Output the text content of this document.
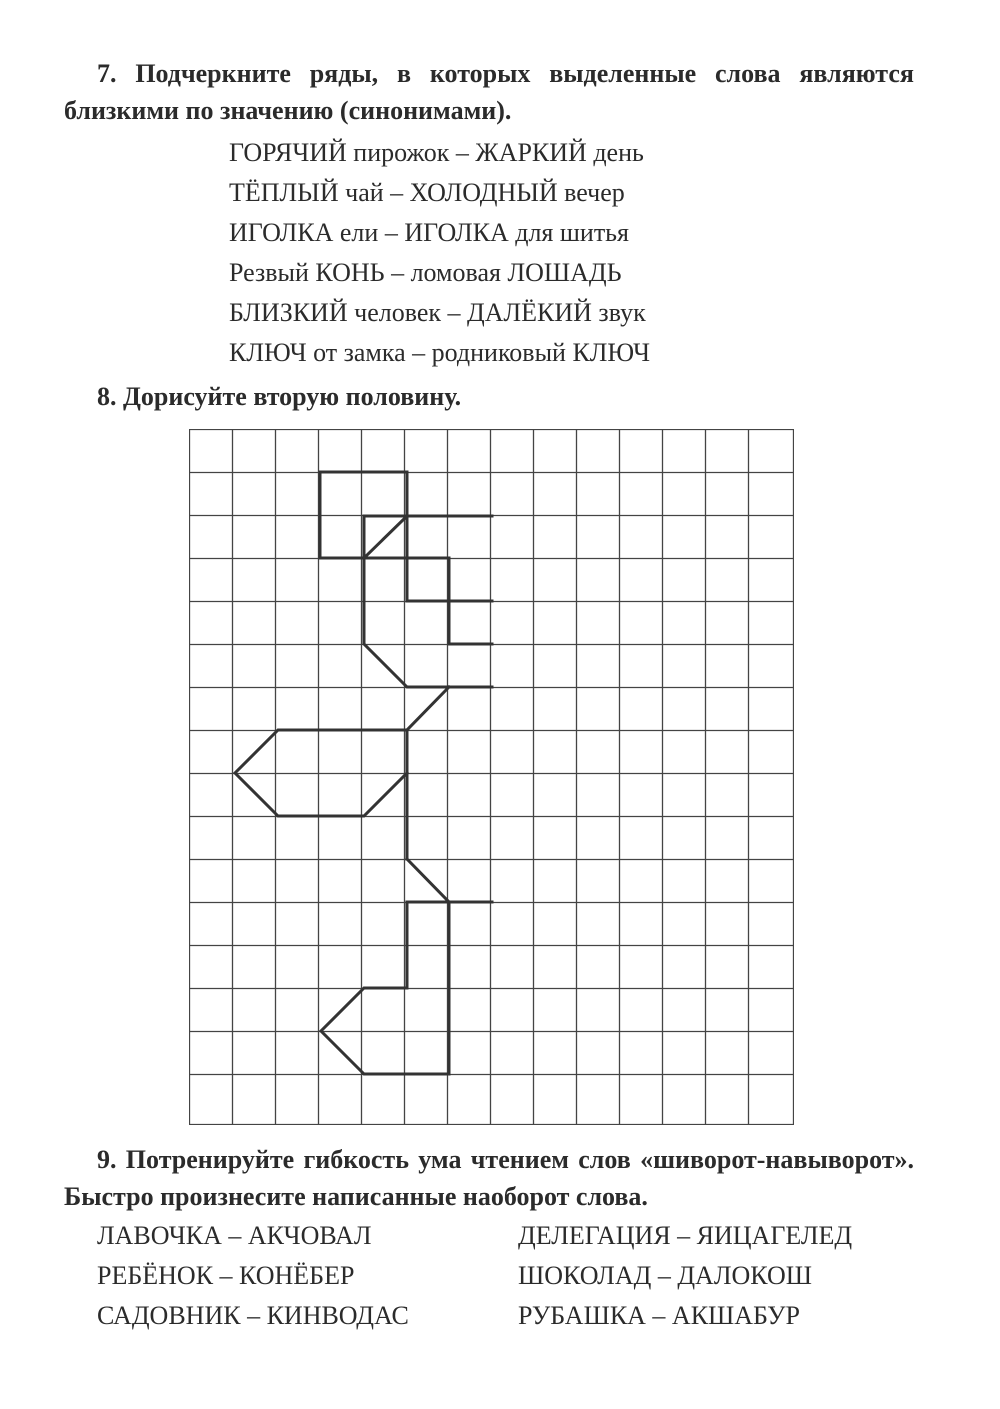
7. Подчеркните ряды, в которых выделенные слова являются близкими по значению (синонимами).

ГОРЯЧИЙ пирожок – ЖАРКИЙ день
ТЁПЛЫЙ чай – ХОЛОДНЫЙ вечер
ИГОЛКА ели – ИГОЛКА для шитья
Резвый КОНЬ – ломовая ЛОШАДЬ
БЛИЗКИЙ человек – ДАЛЁКИЙ звук
КЛЮЧ от замка – родниковый КЛЮЧ

8. Дорисуйте вторую половину.

9. Потренируйте гибкость ума чтением слов «шиворот-навыворот». Быстро произнесите написанные наоборот слова.

ЛАВОЧКА – АКЧОВАЛ
РЕБЁНОК – КОНЁБЕР
САДОВНИК – КИНВОДАС
ДЕЛЕГАЦИЯ – ЯИЦАГЕЛЕД
ШОКОЛАД – ДАЛОКОШ
РУБАШКА – АКШАБУР
